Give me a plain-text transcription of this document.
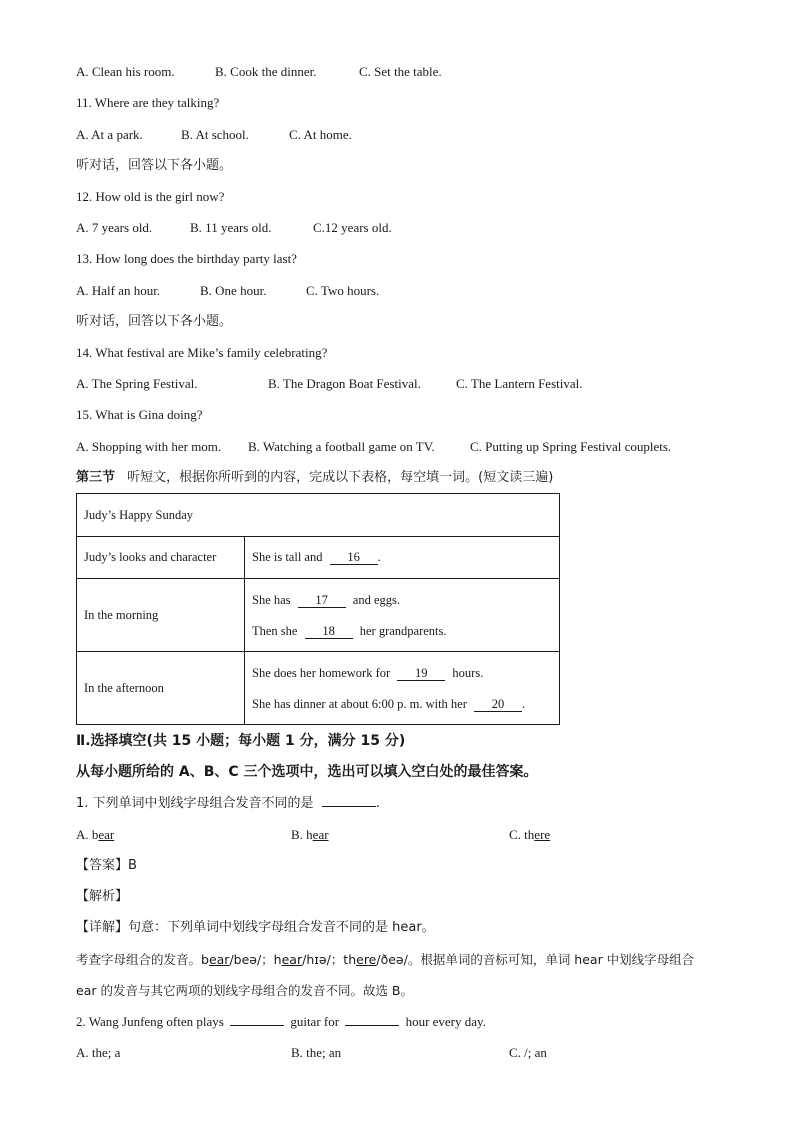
A. Clean his room.	B. Cook the dinner.	C. Set the table.
11. Where are they talking?
A. At a park.	B. At school.	C. At home.
听对话，回答以下各小题。
12. How old is the girl now?
A. 7 years old.	B. 11 years old.	C.12 years old.
13. How long does the birthday party last?
A. Half an hour.	B. One hour.	C. Two hours.
听对话，回答以下各小题。
14. What festival are Mike’s family celebrating?
A. The Spring Festival.	B. The Dragon Boat Festival.	C. The Lantern Festival.
15. What is Gina doing?
A. Shopping with her mom. B. Watching a football game on TV.	C. Putting up Spring Festival couplets.
第三节 听短文，根据你所听到的内容，完成以下表格，每空填一词。(短文读三遍)
Judy’s Happy Sunday	
Judy’s looks and character	She is tall and 16 .
In the morning	She has 17 and eggs.
Then she 18 her grandparents.

In the afternoon	She does her homework for 19 hours.
She has dinner at about 6:00 p. m. with her 20 .
Ⅱ.选择填空(共 15 小题；每小题 1 分，满分 15 分)
从每小题所给的 A、B、C 三个选项中，选出可以填入空白处的最佳答案。
1. 下列单词中划线字母组合发音不同的是	.
A. bear	B. hear	C. there
【答案】B
【解析】
【详解】句意：下列单词中划线字母组合发音不同的是 hear。
考查字母组合的发音。bear/beə/；hear/hɪə/；there/ðeə/。根据单词的音标可知，单词 hear 中划线字母组合
ear 的发音与其它两项的划线字母组合的发音不同。故选 B。
2. Wang Junfeng often plays	guitar for	hour every day.
A. the; a	B. the; an	C. /; an
